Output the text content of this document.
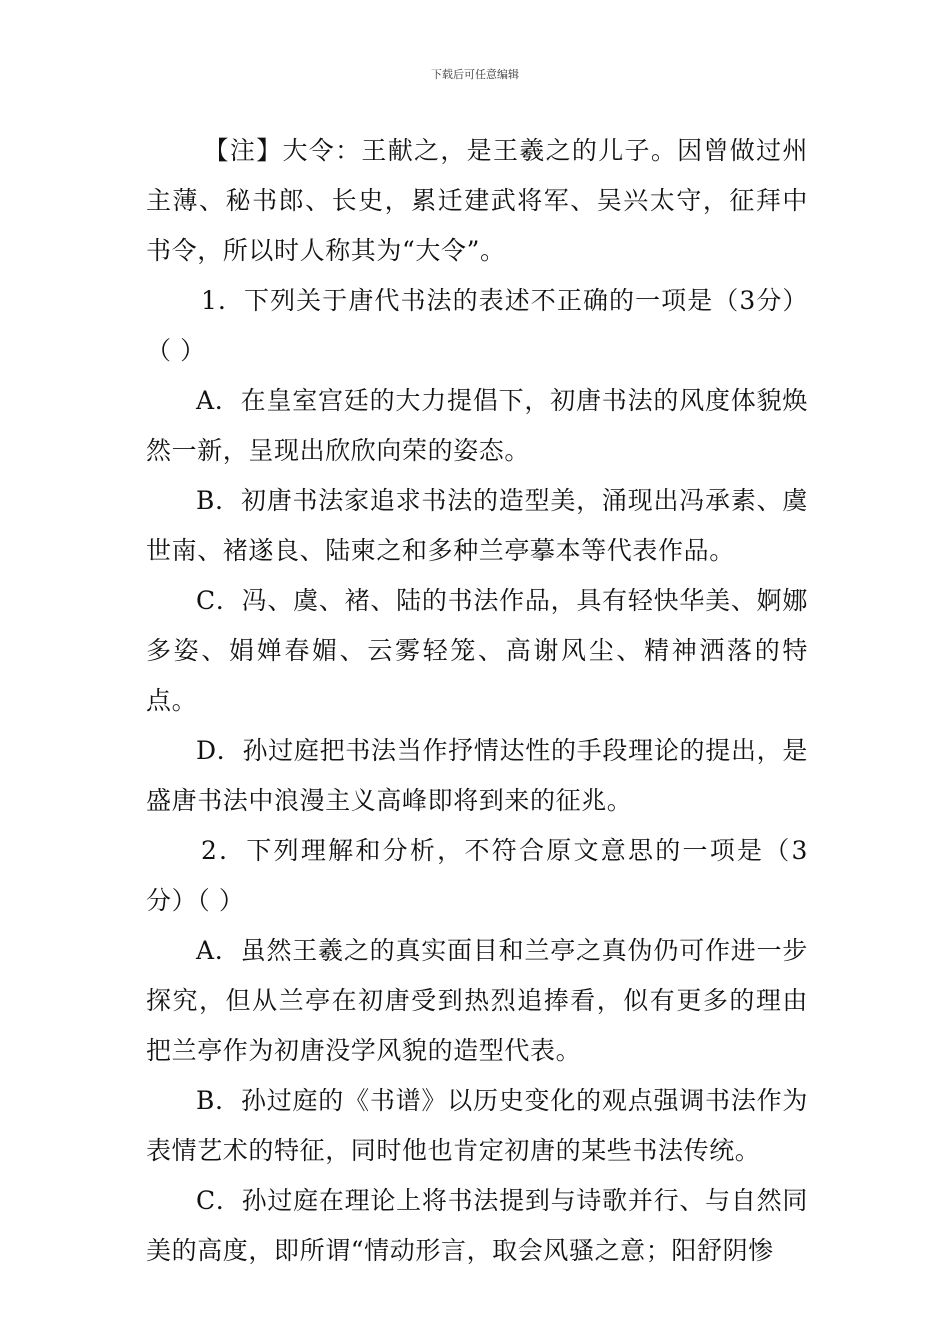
下载后可任意编辑

【注】大令：王献之，是王羲之的儿子。因曾做过州主薄、秘书郎、长史，累迁建武将军、吴兴太守，征拜中书令，所以时人称其为“大令”。

1．下列关于唐代书法的表述不正确的一项是（3分）（ ）

A．在皇室宫廷的大力提倡下，初唐书法的风度体貌焕然一新，呈现出欣欣向荣的姿态。

B．初唐书法家追求书法的造型美，涌现出冯承素、虞世南、褚遂良、陆柬之和多种兰亭摹本等代表作品。

C．冯、虞、褚、陆的书法作品，具有轻快华美、婀娜多姿、娟婵春媚、云雾轻笼、高谢风尘、精神洒落的特点。

D．孙过庭把书法当作抒情达性的手段理论的提出，是盛唐书法中浪漫主义高峰即将到来的征兆。

2．下列理解和分析，不符合原文意思的一项是（3分）（ ）

A．虽然王羲之的真实面目和兰亭之真伪仍可作进一步探究，但从兰亭在初唐受到热烈追捧看，似有更多的理由把兰亭作为初唐没学风貌的造型代表。

B．孙过庭的《书谱》以历史变化的观点强调书法作为表情艺术的特征，同时他也肯定初唐的某些书法传统。

C．孙过庭在理论上将书法提到与诗歌并行、与自然同美的高度，即所谓“情动形言，取会风骚之意；阳舒阴惨
